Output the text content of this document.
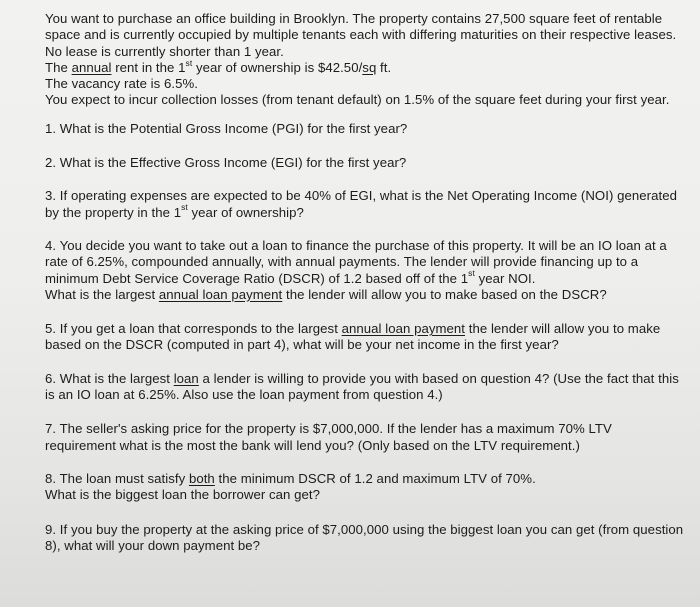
You want to purchase an office building in Brooklyn. The property contains 27,500 square feet of rentable space and is currently occupied by multiple tenants each with differing maturities on their respective leases. No lease is currently shorter than 1 year.

The annual rent in the 1st year of ownership is $42.50/sq ft.

The vacancy rate is 6.5%.

You expect to incur collection losses (from tenant default) on 1.5% of the square feet during your first year.

1. What is the Potential Gross Income (PGI) for the first year?

2. What is the Effective Gross Income (EGI) for the first year?

3. If operating expenses are expected to be 40% of EGI, what is the Net Operating Income (NOI) generated by the property in the 1st year of ownership?

4. You decide you want to take out a loan to finance the purchase of this property. It will be an IO loan at a rate of 6.25%, compounded annually, with annual payments. The lender will provide financing up to a minimum Debt Service Coverage Ratio (DSCR) of 1.2 based off of the 1st year NOI.

What is the largest annual loan payment the lender will allow you to make based on the DSCR?

5. If you get a loan that corresponds to the largest annual loan payment the lender will allow you to make based on the DSCR (computed in part 4), what will be your net income in the first year?

6. What is the largest loan a lender is willing to provide you with based on question 4? (Use the fact that this is an IO loan at 6.25%. Also use the loan payment from question 4.)

7. The seller's asking price for the property is $7,000,000. If the lender has a maximum 70% LTV requirement what is the most the bank will lend you? (Only based on the LTV requirement.)

8. The loan must satisfy both the minimum DSCR of 1.2 and maximum LTV of 70%.

What is the biggest loan the borrower can get?

9. If you buy the property at the asking price of $7,000,000 using the biggest loan you can get (from question 8), what will your down payment be?
